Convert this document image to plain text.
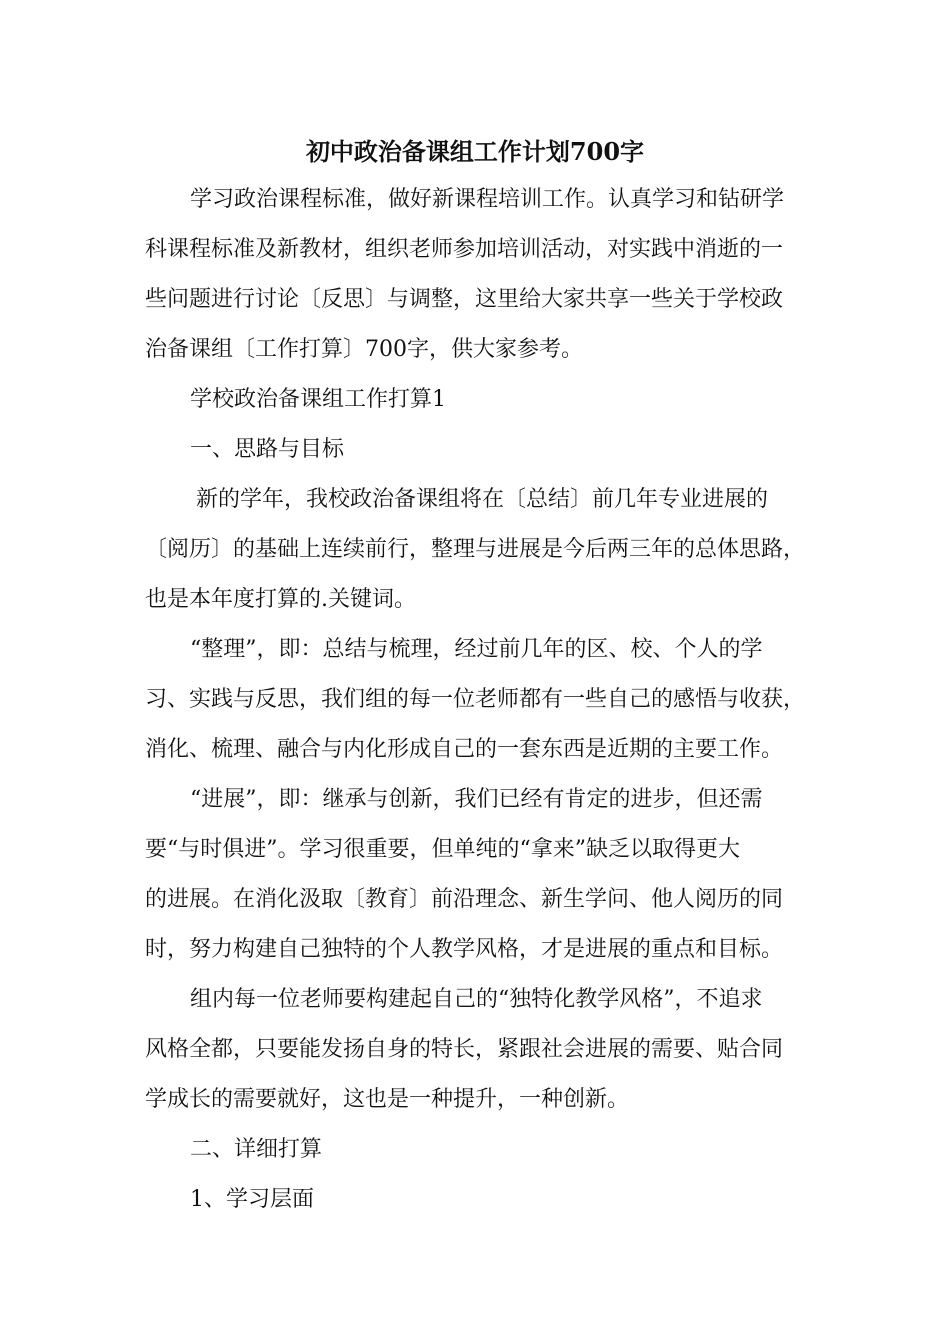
初中政治备课组工作计划700字
学习政治课程标准，做好新课程培训工作。认真学习和钻研学
科课程标准及新教材，组织老师参加培训活动，对实践中消逝的一
些问题进行讨论〔反思〕与调整，这里给大家共享一些关于学校政
治备课组〔工作打算〕700字，供大家参考。
学校政治备课组工作打算1
一、思路与目标
新的学年，我校政治备课组将在〔总结〕前几年专业进展的
〔阅历〕的基础上连续前行，整理与进展是今后两三年的总体思路，
也是本年度打算的.关键词。
“整理”，即：总结与梳理，经过前几年的区、校、个人的学
习、实践与反思，我们组的每一位老师都有一些自己的感悟与收获，
消化、梳理、融合与内化形成自己的一套东西是近期的主要工作。
“进展”，即：继承与创新，我们已经有肯定的进步，但还需
要“与时俱进”。学习很重要，但单纯的“拿来”缺乏以取得更大
的进展。在消化汲取〔教育〕前沿理念、新生学问、他人阅历的同
时，努力构建自己独特的个人教学风格，才是进展的重点和目标。
组内每一位老师要构建起自己的“独特化教学风格”，不追求
风格全都，只要能发扬自身的特长，紧跟社会进展的需要、贴合同
学成长的需要就好，这也是一种提升，一种创新。
二、详细打算
1、学习层面
